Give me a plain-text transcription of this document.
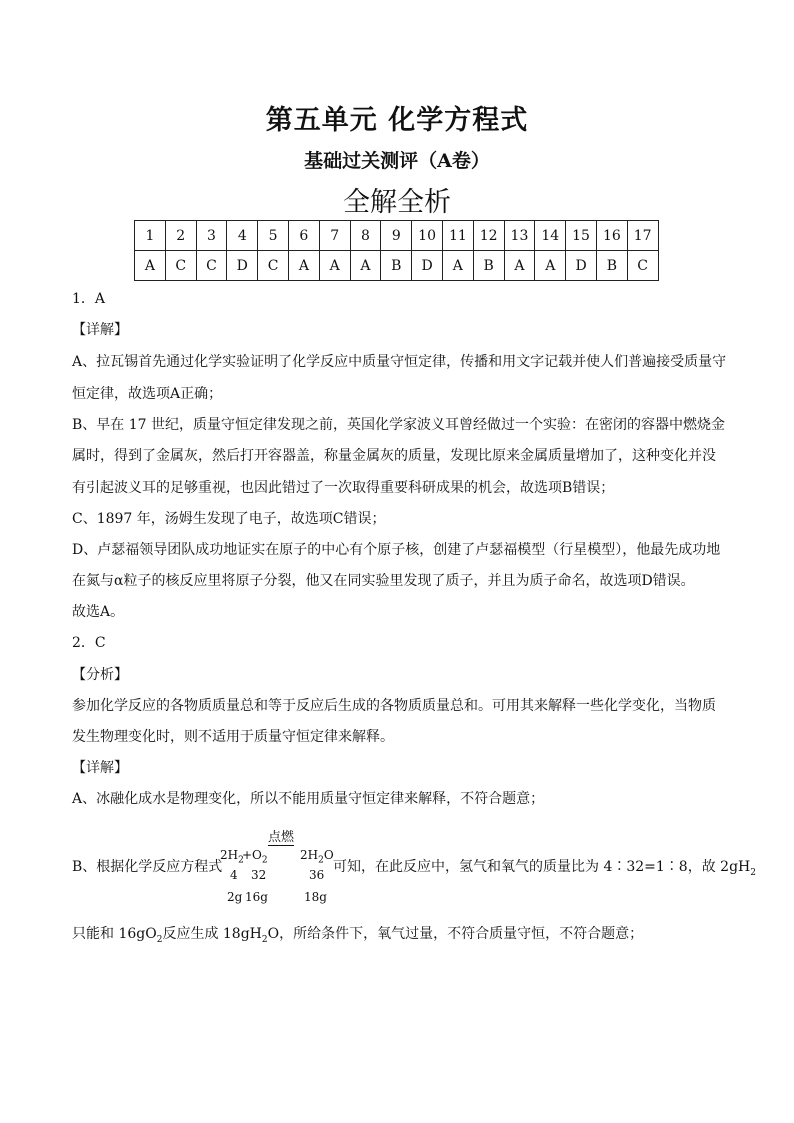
第五单元 化学方程式
基础过关测评（A卷）
全解全析
1	2	3	4	5	6	7	8	9	10	11	12	13	14	15	16	17
A	C	C	D	C	A	A	A	B	D	A	B	A	A	D	B	C
1．A
【详解】
A、拉瓦锡首先通过化学实验证明了化学反应中质量守恒定律，传播和用文字记载并使人们普遍接受质量守
恒定律，故选项A正确；
B、早在 17 世纪，质量守恒定律发现之前，英国化学家波义耳曾经做过一个实验：在密闭的容器中燃烧金
属时，得到了金属灰，然后打开容器盖，称量金属灰的质量，发现比原来金属质量增加了，这种变化并没
有引起波义耳的足够重视，也因此错过了一次取得重要科研成果的机会，故选项B错误；
C、1897 年，汤姆生发现了电子，故选项C错误；
D、卢瑟福领导团队成功地证实在原子的中心有个原子核，创建了卢瑟福模型（行星模型），他最先成功地
在氮与α粒子的核反应里将原子分裂，他又在同实验里发现了质子，并且为质子命名，故选项D错误。
故选A。
2．C
【分析】
参加化学反应的各物质质量总和等于反应后生成的各物质质量总和。可用其来解释一些化学变化，当物质
发生物理变化时，则不适用于质量守恒定律来解释。
【详解】
A、冰融化成水是物理变化，所以不能用质量守恒定律来解释，不符合题意；
B、根据化学反应方程式
点燃
$2H_2$
$+O_2$	$2H_2O$
4 32	36
2g 16g	18g
可知，在此反应中，氢气和氧气的质量比为 4∶32=1∶8，故 $2gH_2$
只能和 $16gO_2$反应生成 $18gH_2O$，所给条件下，氧气过量，不符合质量守恒，不符合题意；
